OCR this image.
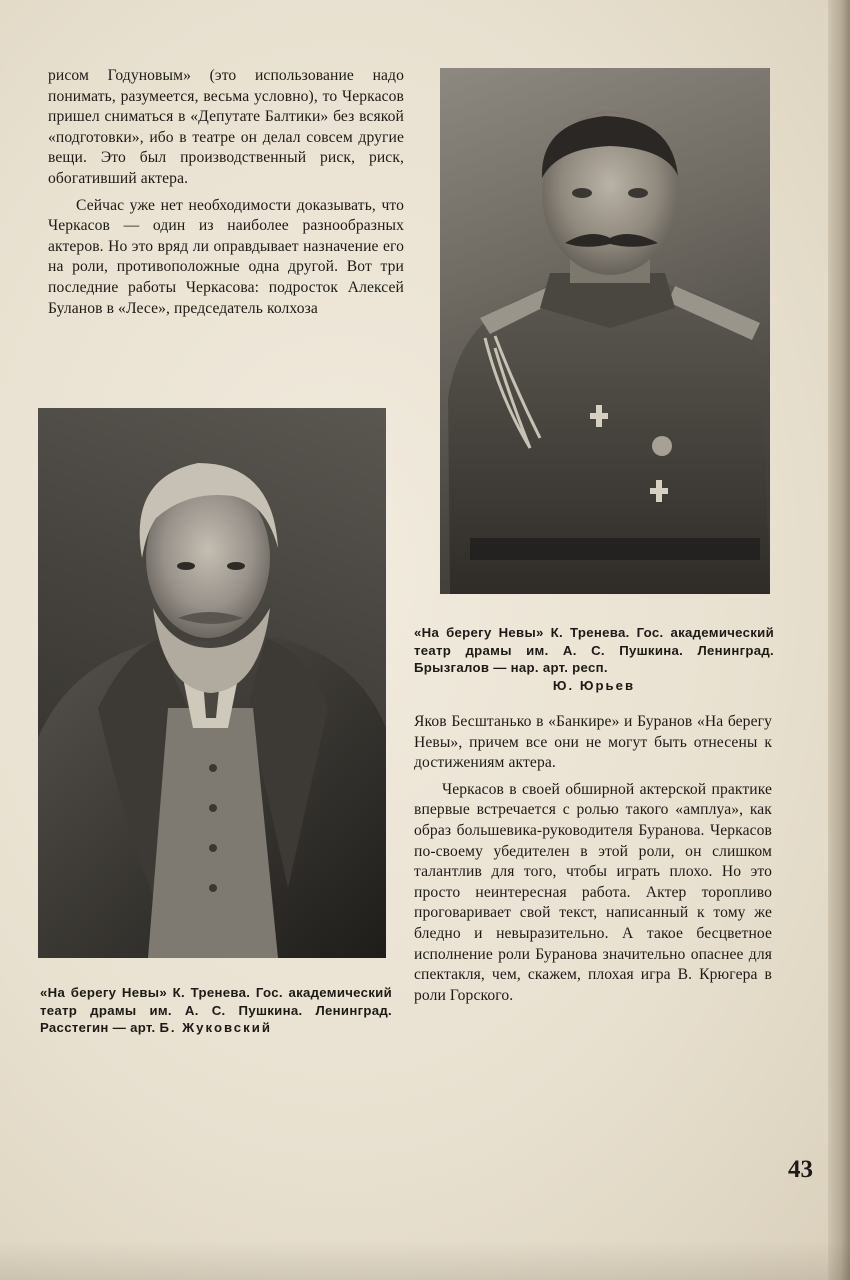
рисом Годуновым» (это использование надо понимать, разумеется, весьма условно), то Черкасов пришел сниматься в «Депутате Балтики» без всякой «подготовки», ибо в театре он делал совсем другие вещи. Это был производственный риск, риск, обогативший актера.

Сейчас уже нет необходимости доказывать, что Черкасов — один из наиболее разнообразных актеров. Но это вряд ли оправдывает назначение его на роли, противоположные одна другой. Вот три последние работы Черкасова: подросток Алексей Буланов в «Лесе», председатель колхоза

«На берегу Невы» К. Тренева. Гос. академический театр драмы им. А. С. Пушкина. Ленинград. Брызгалов — нар. арт. респ.
Ю. Юрьев
«На берегу Невы» К. Тренева. Гос. академический театр драмы им. А. С. Пушкина. Ленинград. Расстегин — арт. Б. Жуковский

Яков Бесштанько в «Банкире» и Буранов «На берегу Невы», причем все они не могут быть отнесены к достижениям актера.

Черкасов в своей обширной актерской практике впервые встречается с ролью такого «амплуа», как образ большевика-руководителя Буранова. Черкасов по-своему убедителен в этой роли, он слишком талантлив для того, чтобы играть плохо. Но это просто неинтересная работа. Актер торопливо проговаривает свой текст, написанный к тому же бледно и невыразительно. А такое бесцветное исполнение роли Буранова значительно опаснее для спектакля, чем, скажем, плохая игра В. Крюгера в роли Горского.

43
